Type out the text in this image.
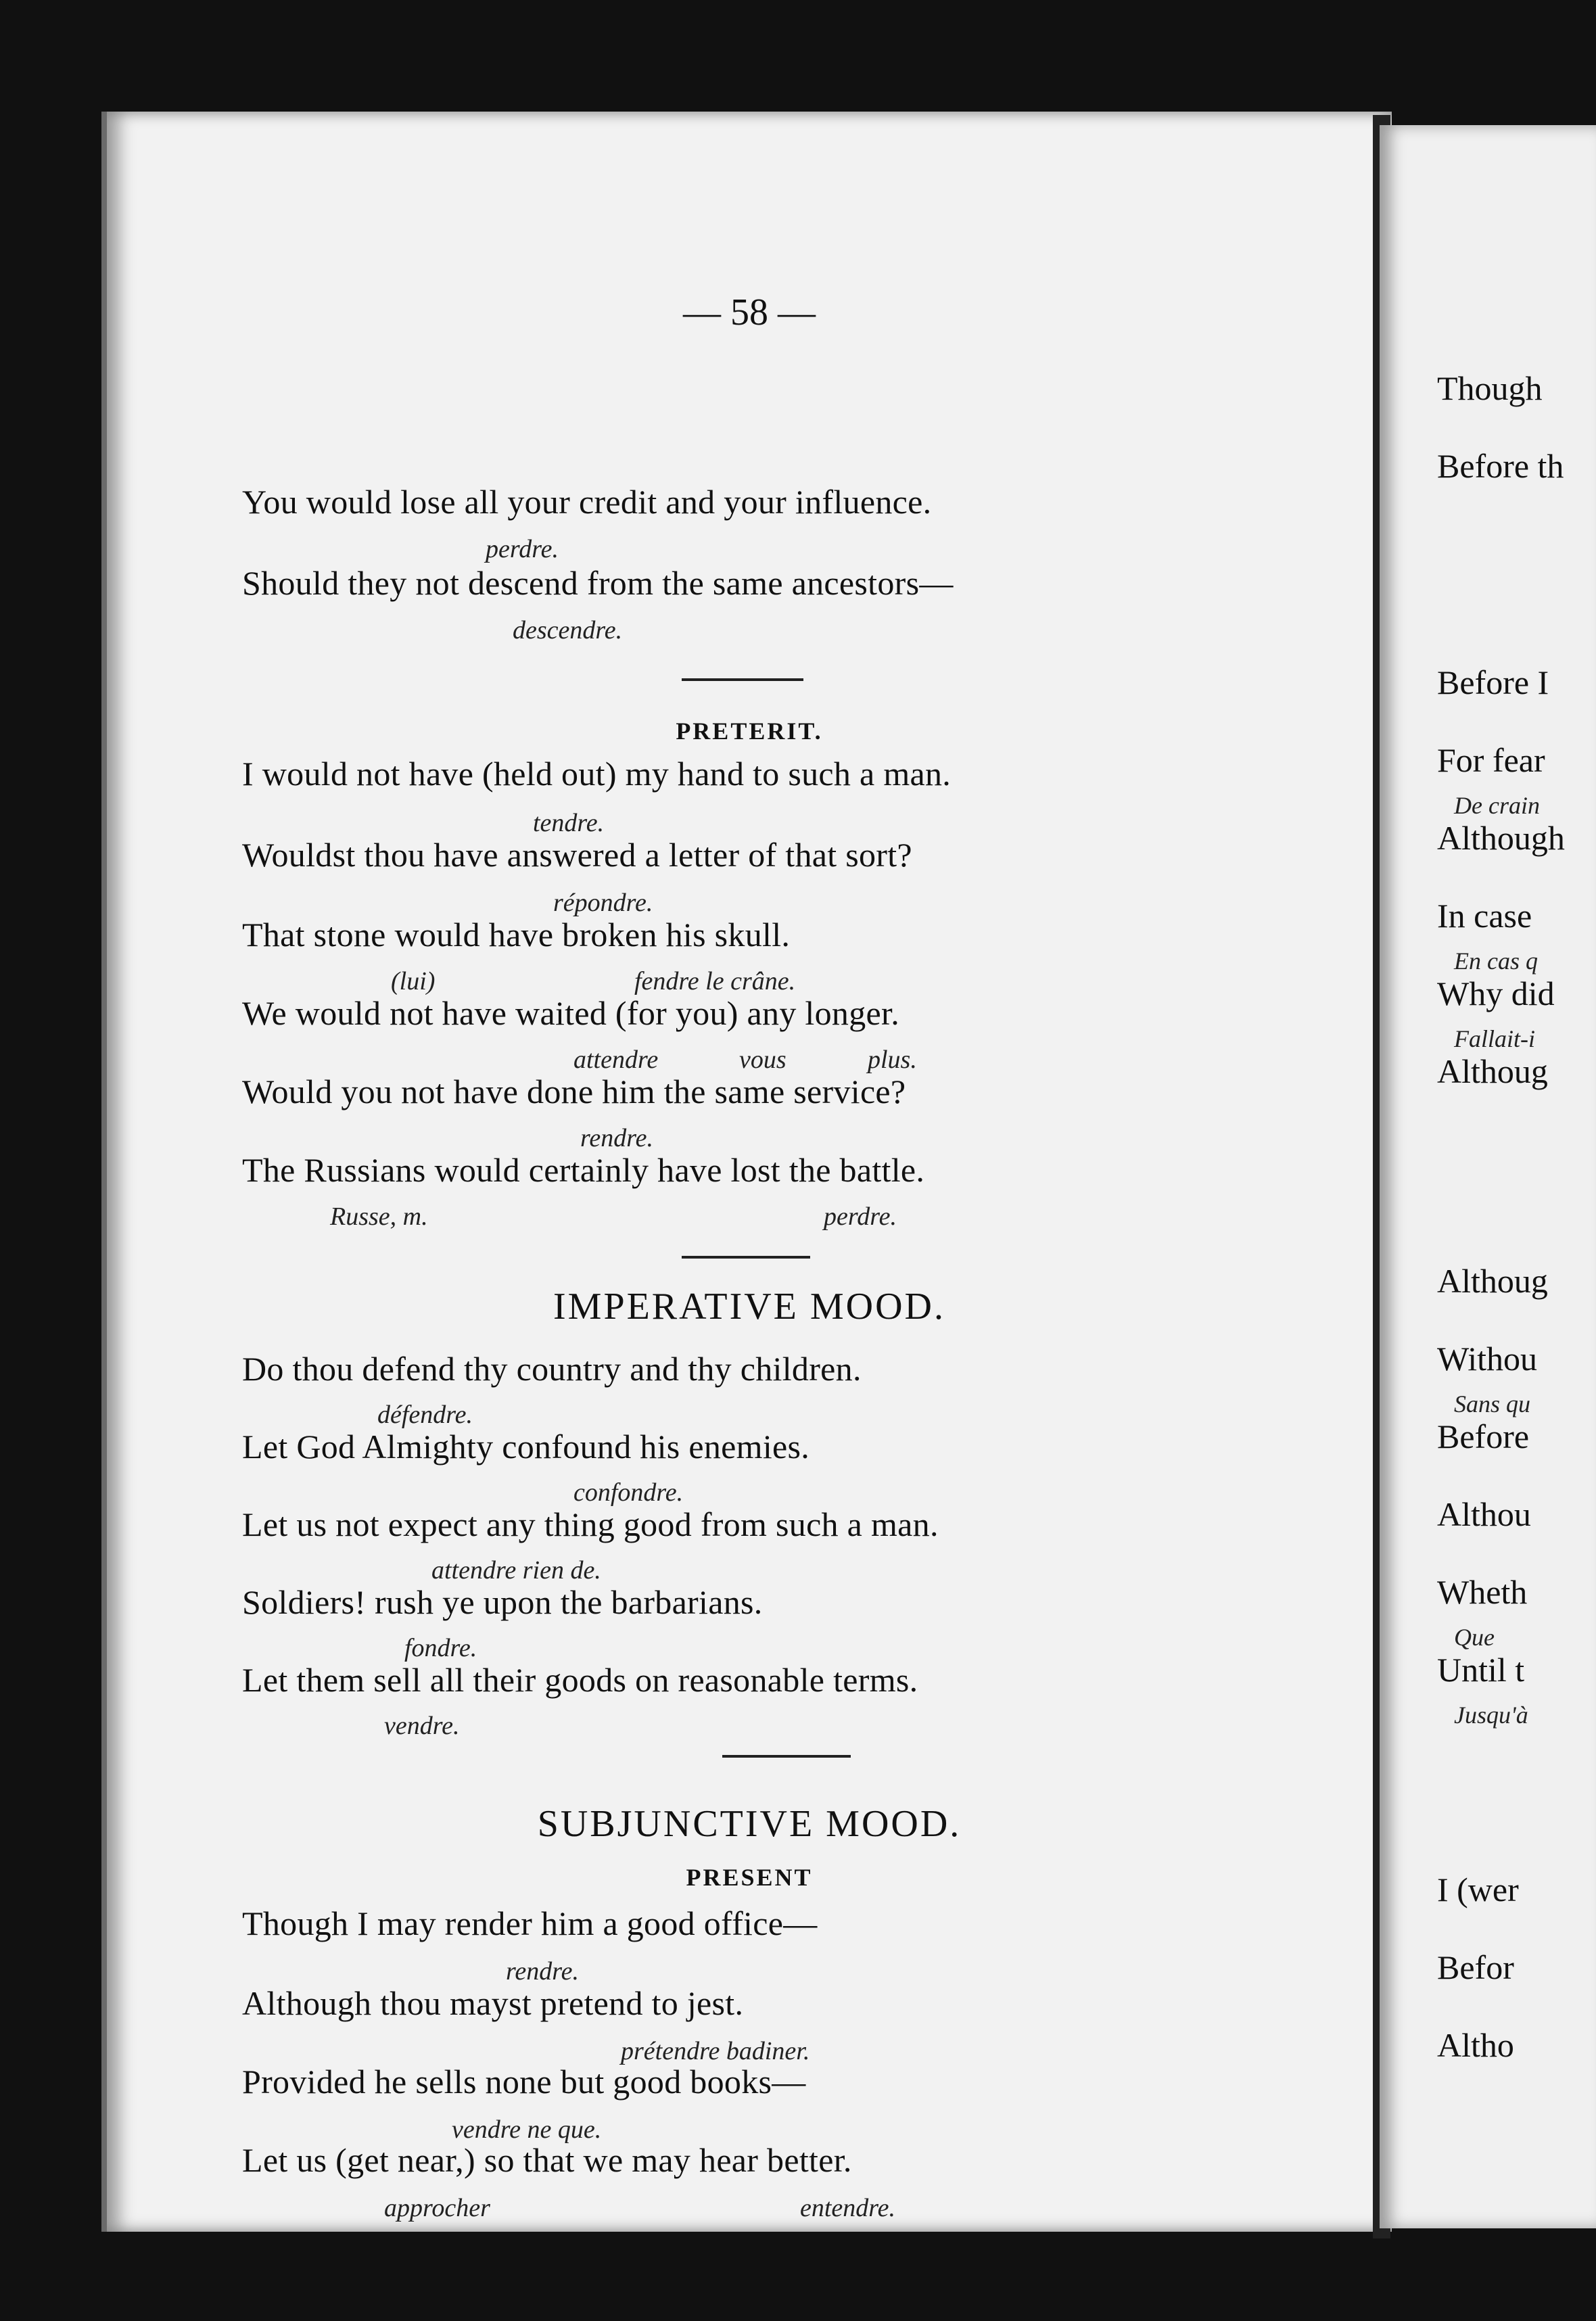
— 58 —
You would lose all your credit and your influence.
perdre.
Should they not descend from the same ancestors—
descendre.
PRETERIT.
I would not have (held out) my hand to such a man.
tendre.
Wouldst thou have answered a letter of that sort?
répondre.
That stone would have broken his skull.
(lui)	fendre le crâne.
We would not have waited (for you) any longer.
attendre	vous	plus.
Would you not have done him the same service?
rendre.
The Russians would certainly have lost the battle.
Russe, m.	perdre.
IMPERATIVE MOOD.
Do thou defend thy country and thy children.
défendre.
Let God Almighty confound his enemies.
confondre.
Let us not expect any thing good from such a man.
attendre rien de.
Soldiers! rush ye upon the barbarians.
fondre.
Let them sell all their goods on reasonable terms.
vendre.
SUBJUNCTIVE MOOD.
PRESENT
Though I may render him a good office—
rendre.
Although thou mayst pretend to jest.
prétendre badiner.
Provided he sells none but good books—
vendre ne que.
Let us (get near,) so that we may hear better.
approcher	entendre.
Though
Before th
Before I
For fear
De crain
Although
In case
En cas q
Why did
Fallait-i
Althoug
Althoug
Withou
Sans qu
Before
Althou
Wheth
Que
Until t
Jusqu'à
I (wer
Befor
Altho
